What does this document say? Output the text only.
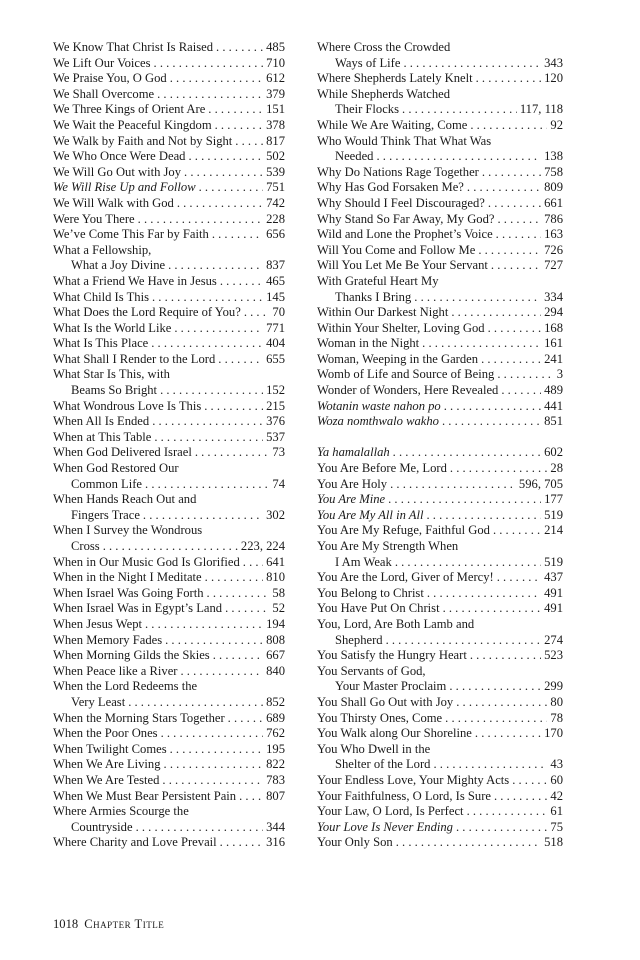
We Know That Christ Is Raised . . .	485
We Lift Our Voices . . .	710
We Praise You, O God . . .	612
We Shall Overcome . . .	379
We Three Kings of Orient Are . . .	151
We Wait the Peaceful Kingdom . . .	378
We Walk by Faith and Not by Sight . . .	817
We Who Once Were Dead . . .	502
We Will Go Out with Joy . . .	539
We Will Rise Up and Follow . . .	751
We Will Walk with God . . .	742
Were You There . . .	228
We’ve Come This Far by Faith . . .	656
What a Fellowship,
What a Joy Divine . . .	837
What a Friend We Have in Jesus . . .	465
What Child Is This . . .	145
What Does the Lord Require of You? . . .	70
What Is the World Like . . .	771
What Is This Place . . .	404
What Shall I Render to the Lord . . .	655
What Star Is This, with
Beams So Bright . . .	152
What Wondrous Love Is This . . .	215
When All Is Ended . . .	376
When at This Table . . .	537
When God Delivered Israel . . .	73
When God Restored Our
Common Life . . .	74
When Hands Reach Out and
Fingers Trace . . .	302
When I Survey the Wondrous
Cross . . .	223, 224
When in Our Music God Is Glorified . . . 641
When in the Night I Meditate . . .	810
When Israel Was Going Forth . . .	58
When Israel Was in Egypt’s Land . . .	52
When Jesus Wept . . .	194
When Memory Fades . . .	808
When Morning Gilds the Skies . . .	667
When Peace like a River . . .	840
When the Lord Redeems the
Very Least . . .	852
When the Morning Stars Together . . .	689
When the Poor Ones . . .	762
When Twilight Comes . . .	195
When We Are Living . . .	822
When We Are Tested . . .	783
When We Must Bear Persistent Pain . . . 807
Where Armies Scourge the
Countryside . . .	344
Where Charity and Love Prevail . . .	316
Where Cross the Crowded
Ways of Life . . .	343
Where Shepherds Lately Knelt . . .	120
While Shepherds Watched
Their Flocks . . .	117, 118
While We Are Waiting, Come . . .	92
Who Would Think That What Was
Needed . . .	138
Why Do Nations Rage Together . . .	758
Why Has God Forsaken Me? . . .	809
Why Should I Feel Discouraged? . . .	661
Why Stand So Far Away, My God? . . .	786
Wild and Lone the Prophet’s Voice . . .	163
Will You Come and Follow Me . . .	726
Will You Let Me Be Your Servant . . .	727
With Grateful Heart My
Thanks I Bring . . .	334
Within Our Darkest Night . . .	294
Within Your Shelter, Loving God . . .	168
Woman in the Night . . .	161
Woman, Weeping in the Garden . . .	241
Womb of Life and Source of Being . . .	3
Wonder of Wonders, Here Revealed . . .	489
Wotanin waste nahon po . . .	441
Woza nomthwalo wakho . . .	851
Ya hamalallah . . .	602
You Are Before Me, Lord . . .	28
You Are Holy . . .	596, 705
You Are Mine . . .	177
You Are My All in All . . .	519
You Are My Refuge, Faithful God . . .	214
You Are My Strength When
I Am Weak . . .	519
You Are the Lord, Giver of Mercy! . . .	437
You Belong to Christ . . .	491
You Have Put On Christ . . .	491
You, Lord, Are Both Lamb and
Shepherd . . .	274
You Satisfy the Hungry Heart . . .	523
You Servants of God,
Your Master Proclaim . . .	299
You Shall Go Out with Joy . . .	80
You Thirsty Ones, Come . . .	78
You Walk along Our Shoreline . . .	170
You Who Dwell in the
Shelter of the Lord . . .	43
Your Endless Love, Your Mighty Acts . . .	60
Your Faithfulness, O Lord, Is Sure . . .	42
Your Law, O Lord, Is Perfect . . .	61
Your Love Is Never Ending . . .	75
Your Only Son . . .	518
1018 Chapter Title
